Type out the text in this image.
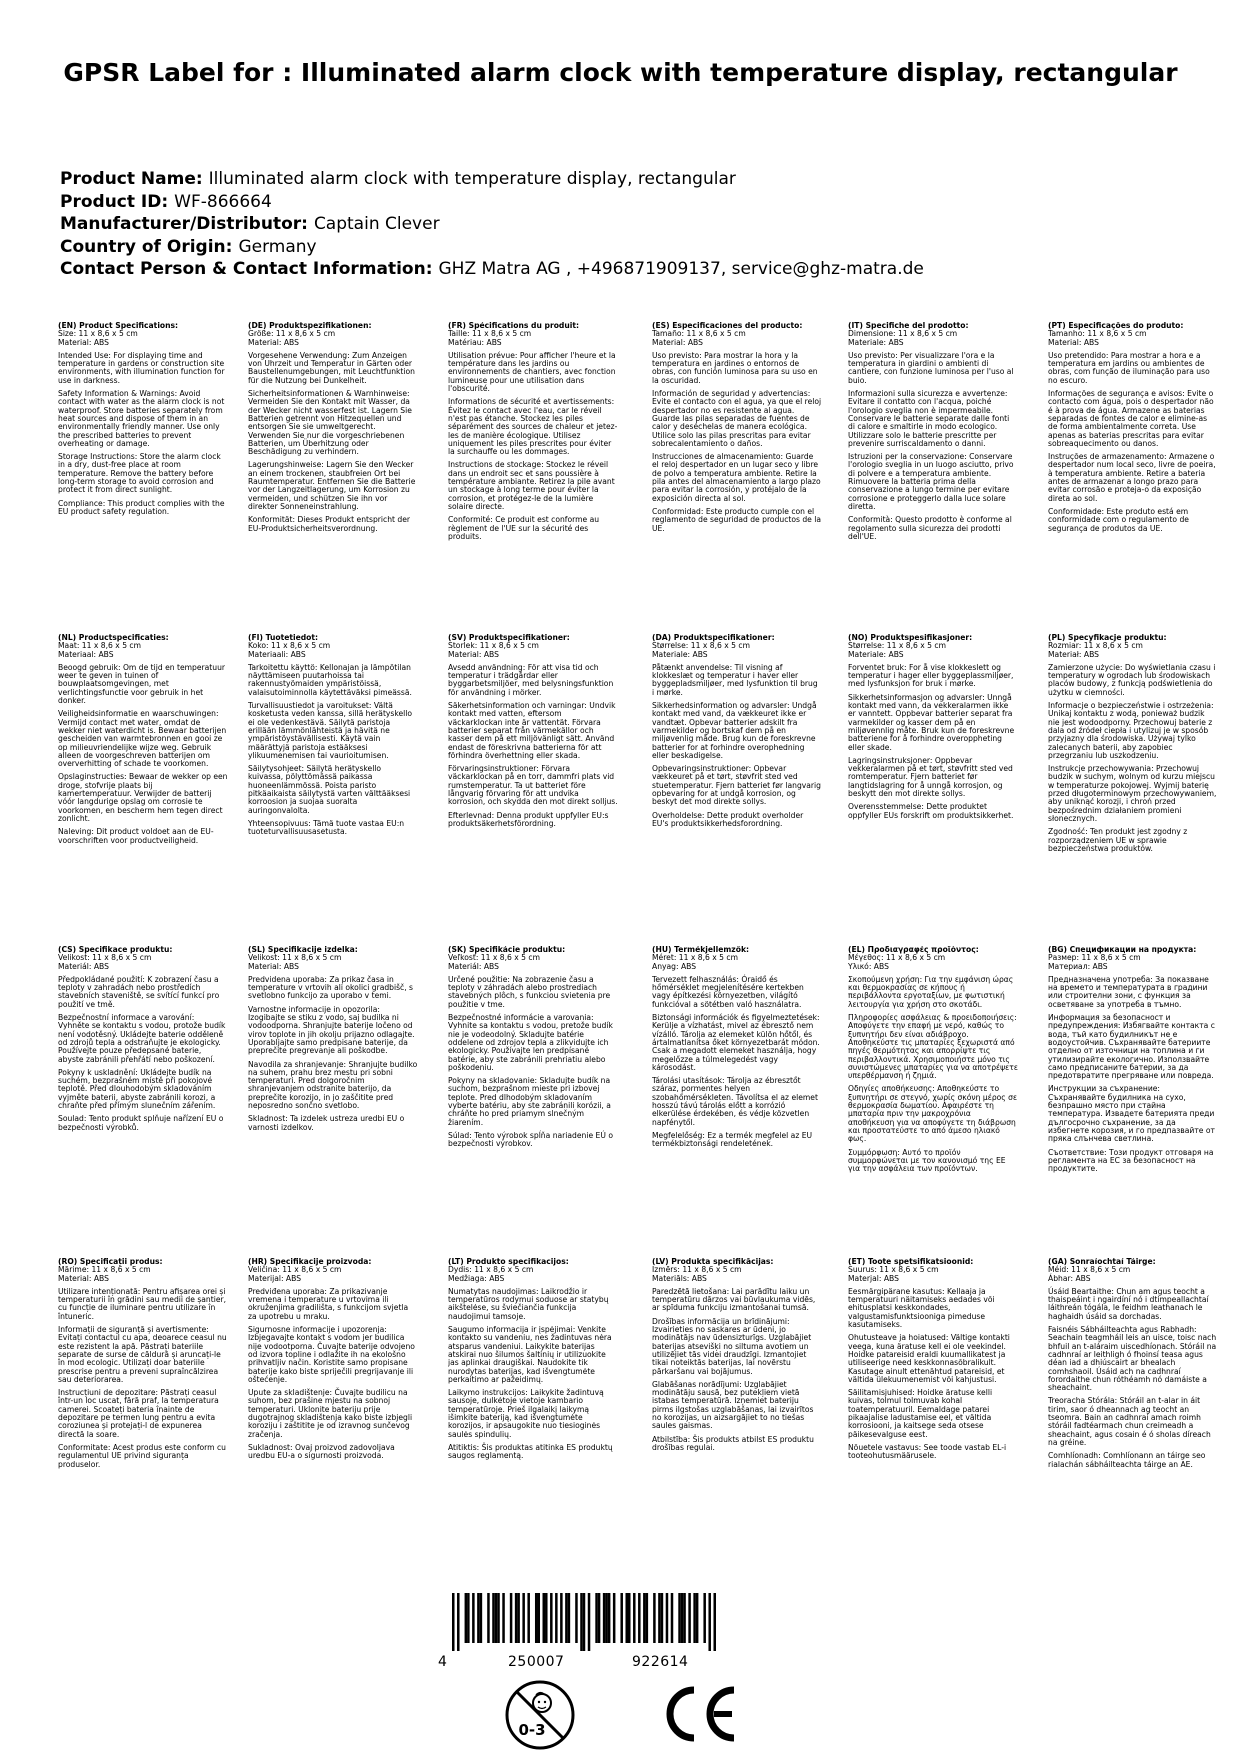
GPSR Label for : Illuminated alarm clock with temperature display, rectangular
Product Name: Illuminated alarm clock with temperature display, rectangular
Product ID: WF-866664
Manufacturer/Distributor: Captain Clever
Country of Origin: Germany
Contact Person & Contact Information: GHZ Matra AG , +496871909137, service@ghz-matra.de
(EN) Product Specifications:
Size: 11 x 8,6 x 5 cm

Material: ABS

Intended Use: For displaying time and temperature in gardens or construction site environments, with illumination function for use in darkness.

Safety Information & Warnings: Avoid contact with water as the alarm clock is not waterproof. Store batteries separately from heat sources and dispose of them in an environmentally friendly manner. Use only the prescribed batteries to prevent overheating or damage.

Storage Instructions: Store the alarm clock in a dry, dust-free place at room temperature. Remove the battery before long-term storage to avoid corrosion and protect it from direct sunlight.

Compliance: This product complies with the EU product safety regulation.

(DE) Produktspezifikationen:
Größe: 11 x 8,6 x 5 cm

Material: ABS

Vorgesehene Verwendung: Zum Anzeigen von Uhrzeit und Temperatur in Gärten oder Baustellenumgebungen, mit Leuchtfunktion für die Nutzung bei Dunkelheit.

Sicherheitsinformationen & Warnhinweise: Vermeiden Sie den Kontakt mit Wasser, da der Wecker nicht wasserfest ist. Lagern Sie Batterien getrennt von Hitzequellen und entsorgen Sie sie umweltgerecht. Verwenden Sie nur die vorgeschriebenen Batterien, um Überhitzung oder Beschädigung zu verhindern.

Lagerungshinweise: Lagern Sie den Wecker an einem trockenen, staubfreien Ort bei Raumtemperatur. Entfernen Sie die Batterie vor der Langzeitlagerung, um Korrosion zu vermeiden, und schützen Sie ihn vor direkter Sonneneinstrahlung.

Konformität: Dieses Produkt entspricht der EU-Produktsicherheitsverordnung.

(FR) Spécifications du produit:
Taille: 11 x 8,6 x 5 cm

Matériau: ABS

Utilisation prévue: Pour afficher l'heure et la température dans les jardins ou environnements de chantiers, avec fonction lumineuse pour une utilisation dans l'obscurité.

Informations de sécurité et avertissements: Évitez le contact avec l'eau, car le réveil n'est pas étanche. Stockez les piles séparément des sources de chaleur et jetez-les de manière écologique. Utilisez uniquement les piles prescrites pour éviter la surchauffe ou les dommages.

Instructions de stockage: Stockez le réveil dans un endroit sec et sans poussière à température ambiante. Retirez la pile avant un stockage à long terme pour éviter la corrosion, et protégez-le de la lumière solaire directe.

Conformité: Ce produit est conforme au règlement de l'UE sur la sécurité des produits.

(ES) Especificaciones del producto:
Tamaño: 11 x 8,6 x 5 cm

Material: ABS

Uso previsto: Para mostrar la hora y la temperatura en jardines o entornos de obras, con función luminosa para su uso en la oscuridad.

Información de seguridad y advertencias: Evite el contacto con el agua, ya que el reloj despertador no es resistente al agua. Guarde las pilas separadas de fuentes de calor y deséchelas de manera ecológica. Utilice solo las pilas prescritas para evitar sobrecalentamiento o daños.

Instrucciones de almacenamiento: Guarde el reloj despertador en un lugar seco y libre de polvo a temperatura ambiente. Retire la pila antes del almacenamiento a largo plazo para evitar la corrosión, y protéjalo de la exposición directa al sol.

Conformidad: Este producto cumple con el reglamento de seguridad de productos de la UE.

(IT) Specifiche del prodotto:
Dimensione: 11 x 8,6 x 5 cm

Materiale: ABS

Uso previsto: Per visualizzare l'ora e la temperatura in giardini o ambienti di cantiere, con funzione luminosa per l'uso al buio.

Informazioni sulla sicurezza e avvertenze: Evitare il contatto con l'acqua, poiché l'orologio sveglia non è impermeabile. Conservare le batterie separate dalle fonti di calore e smaltirle in modo ecologico. Utilizzare solo le batterie prescritte per prevenire surriscaldamento o danni.

Istruzioni per la conservazione: Conservare l'orologio sveglia in un luogo asciutto, privo di polvere e a temperatura ambiente. Rimuovere la batteria prima della conservazione a lungo termine per evitare corrosione e proteggerlo dalla luce solare diretta.

Conformità: Questo prodotto è conforme al regolamento sulla sicurezza dei prodotti dell'UE.

(PT) Especificações do produto:
Tamanho: 11 x 8,6 x 5 cm

Material: ABS

Uso pretendido: Para mostrar a hora e a temperatura em jardins ou ambientes de obras, com função de iluminação para uso no escuro.

Informações de segurança e avisos: Evite o contacto com água, pois o despertador não é à prova de água. Armazene as baterias separadas de fontes de calor e elimine-as de forma ambientalmente correta. Use apenas as baterias prescritas para evitar sobreaquecimento ou danos.

Instruções de armazenamento: Armazene o despertador num local seco, livre de poeira, à temperatura ambiente. Retire a bateria antes de armazenar a longo prazo para evitar corrosão e proteja-o da exposição direta ao sol.

Conformidade: Este produto está em conformidade com o regulamento de segurança de produtos da UE.

(NL) Productspecificaties:
Maat: 11 x 8,6 x 5 cm

Materiaal: ABS

Beoogd gebruik: Om de tijd en temperatuur weer te geven in tuinen of bouwplaatsomgevingen, met verlichtingsfunctie voor gebruik in het donker.

Veiligheidsinformatie en waarschuwingen: Vermijd contact met water, omdat de wekker niet waterdicht is. Bewaar batterijen gescheiden van warmtebronnen en gooi ze op milieuvriendelijke wijze weg. Gebruik alleen de voorgeschreven batterijen om oververhitting of schade te voorkomen.

Opslaginstructies: Bewaar de wekker op een droge, stofvrije plaats bij kamertemperatuur. Verwijder de batterij vóór langdurige opslag om corrosie te voorkomen, en bescherm hem tegen direct zonlicht.

Naleving: Dit product voldoet aan de EU-voorschriften voor productveiligheid.

(FI) Tuotetiedot:
Koko: 11 x 8,6 x 5 cm

Materiaali: ABS

Tarkoitettu käyttö: Kellonajan ja lämpötilan näyttämiseen puutarhoissa tai rakennustyömaiden ympäristöissä, valaisutoiminnolla käytettäväksi pimeässä.

Turvallisuustiedot ja varoitukset: Vältä kosketusta veden kanssa, sillä herätyskello ei ole vedenkestävä. Säilytä paristoja erillään lämmönlähteistä ja hävitä ne ympäristöystävällisesti. Käytä vain määrättyjä paristoja estääksesi ylikuumenemisen tai vaurioitumisen.

Säilytysohjeet: Säilytä herätyskello kuivassa, pölyttömässä paikassa huoneenlämmössä. Poista paristo pitkäaikaista säilytystä varten välttääksesi korroosion ja suojaa suoralta auringonvalolta.

Yhteensopivuus: Tämä tuote vastaa EU:n tuoteturvallisuusasetusta.

(SV) Produktspecifikationer:
Storlek: 11 x 8,6 x 5 cm

Material: ABS

Avsedd användning: För att visa tid och temperatur i trädgårdar eller byggarbetsmiljöer, med belysningsfunktion för användning i mörker.

Säkerhetsinformation och varningar: Undvik kontakt med vatten, eftersom väckarklockan inte är vattentät. Förvara batterier separat från värmekällor och kasser dem på ett miljövänligt sätt. Använd endast de föreskrivna batterierna för att förhindra överhettning eller skada.

Förvaringsinstruktioner: Förvara väckarklockan på en torr, dammfri plats vid rumstemperatur. Ta ut batteriet före långvarig förvaring för att undvika korrosion, och skydda den mot direkt solljus.

Efterlevnad: Denna produkt uppfyller EU:s produktsäkerhetsförordning.

(DA) Produktspecifikationer:
Størrelse: 11 x 8,6 x 5 cm

Materiale: ABS

Påtænkt anvendelse: Til visning af klokkeslæt og temperatur i haver eller byggepladsmiljøer, med lysfunktion til brug i mørke.

Sikkerhedsinformation og advarsler: Undgå kontakt med vand, da vækkeuret ikke er vandtæt. Opbevar batterier adskilt fra varmekilder og bortskaf dem på en miljøvenlig måde. Brug kun de foreskrevne batterier for at forhindre overophedning eller beskadigelse.

Opbevaringsinstruktioner: Opbevar vækkeuret på et tørt, støvfrit sted ved stuetemperatur. Fjern batteriet før langvarig opbevaring for at undgå korrosion, og beskyt det mod direkte sollys.

Overholdelse: Dette produkt overholder EU's produktsikkerhedsforordning.

(NO) Produktspesifikasjoner:
Størrelse: 11 x 8,6 x 5 cm

Materiale: ABS

Forventet bruk: For å vise klokkeslett og temperatur i hager eller byggeplassmiljøer, med lysfunksjon for bruk i mørke.

Sikkerhetsinformasjon og advarsler: Unngå kontakt med vann, da vekkeralarmen ikke er vanntett. Oppbevar batterier separat fra varmekilder og kasser dem på en miljøvennlig måte. Bruk kun de foreskrevne batteriene for å forhindre overoppheting eller skade.

Lagringsinstruksjoner: Oppbevar vekkeralarmen på et tørt, støvfritt sted ved romtemperatur. Fjern batteriet før langtidslagring for å unngå korrosjon, og beskytt den mot direkte sollys.

Overensstemmelse: Dette produktet oppfyller EUs forskrift om produktsikkerhet.

(PL) Specyfikacje produktu:
Rozmiar: 11 x 8,6 x 5 cm

Materiał: ABS

Zamierzone użycie: Do wyświetlania czasu i temperatury w ogrodach lub środowiskach placów budowy, z funkcją podświetlenia do użytku w ciemności.

Informacje o bezpieczeństwie i ostrzeżenia: Unikaj kontaktu z wodą, ponieważ budzik nie jest wodoodporny. Przechowuj baterie z dala od źródeł ciepła i utylizuj je w sposób przyjazny dla środowiska. Używaj tylko zalecanych baterii, aby zapobiec przegrzaniu lub uszkodzeniu.

Instrukcje przechowywania: Przechowuj budzik w suchym, wolnym od kurzu miejscu w temperaturze pokojowej. Wyjmij baterię przed długoterminowym przechowywaniem, aby uniknąć korozji, i chroń przed bezpośrednim działaniem promieni słonecznych.

Zgodność: Ten produkt jest zgodny z rozporządzeniem UE w sprawie bezpieczeństwa produktów.

(CS) Specifikace produktu:
Velikost: 11 x 8,6 x 5 cm

Materiál: ABS

Předpokládané použití: K zobrazení času a teploty v zahradách nebo prostředích stavebních staveniště, se svítící funkcí pro použití ve tmě.

Bezpečnostní informace a varování: Vyhněte se kontaktu s vodou, protože budík není vodotěsný. Ukládejte baterie odděleně od zdrojů tepla a odstraňujte je ekologicky. Používejte pouze předepsané baterie, abyste zabránili přehřátí nebo poškození.

Pokyny k uskladnění: Ukládejte budík na suchém, bezprašném místě při pokojové teplotě. Před dlouhodobým skladováním vyjměte baterii, abyste zabránili korozi, a chraňte před přímým slunečním zářením.

Soulad: Tento produkt splňuje nařízení EU o bezpečnosti výrobků.

(SL) Specifikacije izdelka:
Velikost: 11 x 8,6 x 5 cm

Material: ABS

Predvidena uporaba: Za prikaz časa in temperature v vrtovih ali okolici gradbišč, s svetlobno funkcijo za uporabo v temi.

Varnostne informacije in opozorila: Izogibajte se stiku z vodo, saj budilka ni vodoodporna. Shranjujte baterije ločeno od virov toplote in jih okolju prijazno odlagajte. Uporabljajte samo predpisane baterije, da preprečite pregrevanje ali poškodbe.

Navodila za shranjevanje: Shranjujte budilko na suhem, prahu brez mestu pri sobni temperaturi. Pred dolgoročnim shranjevanjem odstranite baterijo, da preprečite korozijo, in jo zaščitite pred neposredno sončno svetlobo.

Skladnost: Ta izdelek ustreza uredbi EU o varnosti izdelkov.

(SK) Špecifikácie produktu:
Veľkosť: 11 x 8,6 x 5 cm

Materiál: ABS

Určené použitie: Na zobrazenie času a teploty v záhradách alebo prostrediach stavebných plôch, s funkciou svietenia pre použitie v tme.

Bezpečnostné informácie a varovania: Vyhnite sa kontaktu s vodou, pretože budík nie je vodeodolný. Skladujte batérie oddelene od zdrojov tepla a zlikvidujte ich ekologicky. Používajte len predpísané batérie, aby ste zabránili prehriatiu alebo poškodeniu.

Pokyny na skladovanie: Skladujte budík na suchom, bezprašnom mieste pri izbovej teplote. Pred dlhodobým skladovaním vyberte batériu, aby ste zabránili korózii, a chráňte ho pred priamym slnečným žiarením.

Súlad: Tento výrobok spĺňa nariadenie EÚ o bezpečnosti výrobkov.

(HU) Termékjellemzők:
Méret: 11 x 8,6 x 5 cm

Anyag: ABS

Tervezett felhasználás: Óraidő és hőmérséklet megjelenítésére kertekben vagy építkezési környezetben, világító funkcióval a sötétben való használatra.

Biztonsági információk és figyelmeztetések: Kerülje a vízhatást, mivel az ébresztő nem vízálló. Tárolja az elemeket külön hőtől, és ártalmatlanítsa őket környezetbarát módon. Csak a megadott elemeket használja, hogy megelőzze a túlmelegedést vagy károsodást.

Tárolási utasítások: Tárolja az ébresztőt száraz, pormentes helyen szobahőmérsékleten. Távolítsa el az elemet hosszú távú tárolás előtt a korrózió elkerülése érdekében, és védje közvetlen napfénytől.

Megfelelőség: Ez a termék megfelel az EU termékbiztonsági rendeletének.

(EL) Προδιαγραφές προϊόντος:
Μέγεθος: 11 x 8,6 x 5 cm

Υλικό: ABS

Σκοπούμενη χρήση: Για την εμφάνιση ώρας και θερμοκρασίας σε κήπους ή περιβάλλοντα εργοταξίων, με φωτιστική λειτουργία για χρήση στο σκοτάδι.

Πληροφορίες ασφάλειας & προειδοποιήσεις: Αποφύγετε την επαφή με νερό, καθώς το ξυπνητήρι δεν είναι αδιάβροχο. Αποθηκεύστε τις μπαταρίες ξεχωριστά από πηγές θερμότητας και απορρίψτε τις περιβαλλοντικά. Χρησιμοποιήστε μόνο τις συνιστώμενες μπαταρίες για να αποτρέψετε υπερθέρμανση ή ζημιά.

Οδηγίες αποθήκευσης: Αποθηκεύστε το ξυπνητήρι σε στεγνό, χωρίς σκόνη μέρος σε θερμοκρασία δωματίου. Αφαιρέστε τη μπαταρία πριν την μακροχρόνια αποθήκευση για να αποφύγετε τη διάβρωση και προστατεύστε το από άμεσο ηλιακό φως.

Συμμόρφωση: Αυτό το προϊόν συμμορφώνεται με τον κανονισμό της ΕΕ για την ασφάλεια των προϊόντων.

(BG) Спецификации на продукта:
Размер: 11 x 8,6 x 5 cm

Материал: ABS

Предназначена употреба: За показване на времето и температурата в градини или строителни зони, с функция за осветяване за употреба в тъмно.

Информация за безопасност и предупреждения: Избягвайте контакта с вода, тъй като будилникът не е водоустойчив. Съхранявайте батериите отделно от източници на топлина и ги утилизирайте екологично. Използвайте само предписаните батерии, за да предотвратите прегряване или повреда.

Инструкции за съхранение: Съхранявайте будилника на сухо, безпрашно място при стайна температура. Извадете батерията преди дългосрочно съхранение, за да избегнете корозия, и го предпазвайте от пряка слънчева светлина.

Съответствие: Този продукт отговаря на регламента на ЕС за безопасност на продуктите.

(RO) Specificații produs:
Mărime: 11 x 8,6 x 5 cm

Material: ABS

Utilizare intenționată: Pentru afișarea orei și temperaturii în grădini sau medii de șantier, cu funcție de iluminare pentru utilizare în întuneric.

Informații de siguranță și avertismente: Evitați contactul cu apa, deoarece ceasul nu este rezistent la apă. Păstrați bateriile separate de surse de căldură și aruncați-le în mod ecologic. Utilizați doar bateriile prescrise pentru a preveni supraîncălzirea sau deteriorarea.

Instrucțiuni de depozitare: Păstrați ceasul într-un loc uscat, fără praf, la temperatura camerei. Scoateți bateria înainte de depozitare pe termen lung pentru a evita coroziunea și protejați-l de expunerea directă la soare.

Conformitate: Acest produs este conform cu regulamentul UE privind siguranța produselor.

(HR) Specifikacije proizvoda:
Veličina: 11 x 8,6 x 5 cm

Materijal: ABS

Predviđena uporaba: Za prikazivanje vremena i temperature u vrtovima ili okruženjima gradilišta, s funkcijom svjetla za upotrebu u mraku.

Sigurnosne informacije i upozorenja: Izbjegavajte kontakt s vodom jer budilica nije vodootporna. Čuvajte baterije odvojeno od izvora topline i odlažite ih na ekološno prihvatljiv način. Koristite samo propisane baterije kako biste spriječili pregrijavanje ili oštećenje.

Upute za skladištenje: Čuvajte budilicu na suhom, bez prašine mjestu na sobnoj temperaturi. Uklonite bateriju prije dugotrajnog skladištenja kako biste izbjegli koroziju i zaštitite je od izravnog sunčevog zračenja.

Sukladnost: Ovaj proizvod zadovoljava uredbu EU-a o sigurnosti proizvoda.

(LT) Produkto specifikacijos:
Dydis: 11 x 8,6 x 5 cm

Medžiaga: ABS

Numatytas naudojimas: Laikrodžio ir temperatūros rodymui soduose ar statybų aikštelėse, su šviečiančia funkcija naudojimui tamsoje.

Saugumo informacija ir įspėjimai: Venkite kontakto su vandeniu, nes žadintuvas nėra atsparus vandeniui. Laikykite baterijas atskirai nuo šilumos šaltinių ir utilizuokite jas aplinkai draugiškai. Naudokite tik nurodytas baterijas, kad išvengtumėte perkaitimo ar pažeidimų.

Laikymo instrukcijos: Laikykite žadintuvą sausoje, dulkėtoje vietoje kambario temperatūroje. Prieš ilgalaikį laikymą išimkite bateriją, kad išvengtumėte korozijos, ir apsaugokite nuo tiesioginės saulės spindulių.

Atitiktis: Šis produktas atitinka ES produktų saugos reglamentą.

(LV) Produkta specifikācijas:
Izmērs: 11 x 8,6 x 5 cm

Materiāls: ABS

Paredzētā lietošana: Lai parādītu laiku un temperatūru dārzos vai būvlaukuma vidēs, ar spīduma funkciju izmantošanai tumsā.

Drošības informācija un brīdinājumi: Izvairieties no saskares ar ūdeni, jo modinātājs nav ūdensizturīgs. Uzglabājiet baterijas atsevišķi no siltuma avotiem un utilizējiet tās videi draudzīgi. Izmantojiet tikai noteiktās baterijas, lai novērstu pārkaršanu vai bojājumus.

Glabāšanas norādījumi: Uzglabājiet modinātāju sausā, bez putekļiem vietā istabas temperatūrā. Izņemiet bateriju pirms ilgstošas uzglabāšanas, lai izvairītos no korozijas, un aizsargājiet to no tiešas saules gaismas.

Atbilstība: Šis produkts atbilst ES produktu drošības regulai.

(ET) Toote spetsifikatsioonid:
Suurus: 11 x 8,6 x 5 cm

Materjal: ABS

Eesmärgipärane kasutus: Kellaaja ja temperatuuri näitamiseks aedades või ehitusplatsi keskkondades, valgustamisfunktsiooniga pimeduse kasutamiseks.

Ohutusteave ja hoiatused: Vältige kontakti veega, kuna äratuse kell ei ole veekindel. Hoidke patareisid eraldi kuumallikatest ja utiliseerige need keskkonnasõbralikult. Kasutage ainult ettenähtud patareisid, et vältida ülekuumenemist või kahjustusi.

Säilitamisjuhised: Hoidke äratuse kelli kuivas, tolmul tolmuvab kohal toatemperatuuril. Eemaldage patarei pikaajalise ladustamise eel, et vältida korrosiooni, ja kaitsege seda otsese päikesevalguse eest.

Nõuetele vastavus: See toode vastab EL-i tooteohutusmäärusele.

(GA) Sonraíochtaí Táirge:
Méid: 11 x 8,6 x 5 cm

Ábhar: ABS

Úsáid Beartaithe: Chun am agus teocht a thaispeáint i ngairdíní nó i dtimpeallachtaí láithreán tógála, le feidhm leathanach le haghaidh úsáid sa dorchadas.

Faisnéis Sábháilteachta agus Rabhadh: Seachain teagmháil leis an uisce, toisc nach bhfuil an t-aláraim uiscedhíonach. Stóráil na cadhnraí ar leithligh ó fhoinsí teasa agus déan iad a dhiúscairt ar bhealach comhshaoil. Úsáid ach na cadhnraí forordaithe chun róthéamh nó damáiste a sheachaint.

Treoracha Stórála: Stóráil an t-alar in áit tirim, saor ó dheannach ag teocht an tseomra. Bain an cadhnraí amach roimh stóráil fadtéarmach chun creimeadh a sheachaint, agus cosain é ó sholas díreach na gréine.

Comhlíonadh: Comhlíonann an táirge seo rialachán sábháilteachta táirge an AE.

4	250007	922614
0-3
